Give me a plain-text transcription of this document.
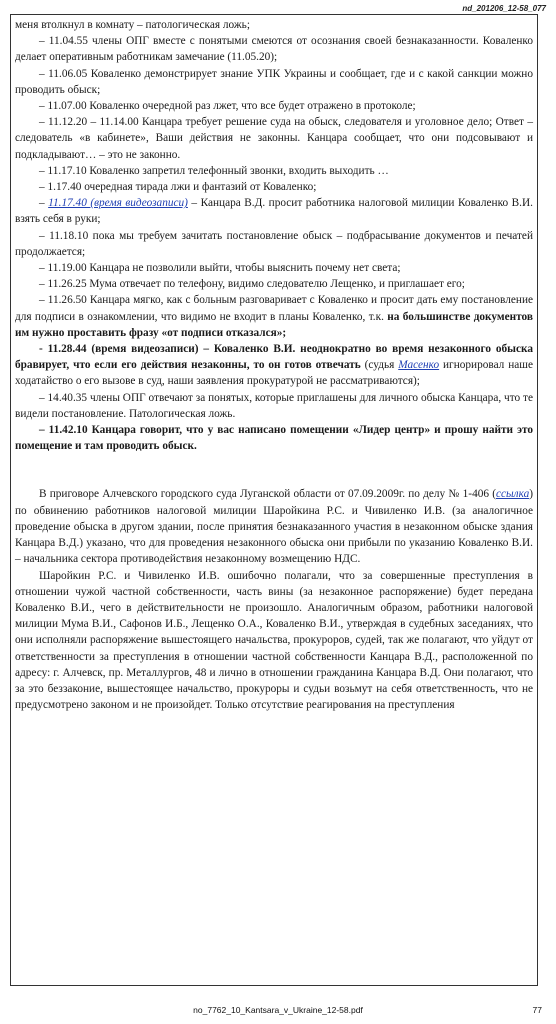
nd_201206_12-58_077

меня втолкнул в комнату – патологическая ложь;

– 11.04.55 члены ОПГ вместе с понятыми смеются от осознания своей безнаказанности. Коваленко делает оперативным работникам замечание (11.05.20);

– 11.06.05 Коваленко демонстрирует знание УПК Украины и сообщает, где и с какой санкции можно проводить обыск;

– 11.07.00 Коваленко очередной раз лжет, что все будет отражено в протоколе;

– 11.12.20 – 11.14.00 Канцара требует решение суда на обыск, следователя и уголовное дело; Ответ – следователь «в кабинете», Ваши действия не законны. Канцара сообщает, что они подсовывают и подкладывают… – это не законно.

– 11.17.10 Коваленко запретил телефонный звонки, входить выходить …

– 1.17.40 очередная тирада лжи и фантазий от Коваленко;

– 11.17.40 (время видеозаписи) – Канцара В.Д. просит работника налоговой милиции Коваленко В.И. взять себя в руки;

– 11.18.10 пока мы требуем зачитать постановление обыск – подбрасывание документов и печатей продолжается;

– 11.19.00 Канцара не позволили выйти, чтобы выяснить почему нет света;

– 11.26.25 Мума отвечает по телефону, видимо следователю Лещенко, и приглашает его;

– 11.26.50 Канцара мягко, как с больным разговаривает с Коваленко и просит дать ему постановление для подписи в ознакомлении, что видимо не входит в планы Коваленко, т.к. на большинстве документов им нужно проставить фразу «от подписи отказался»;

- 11.28.44 (время видеозаписи) – Коваленко В.И. неоднократно во время незаконного обыска бравирует, что если его действия незаконны, то он готов отвечать (судья Масенко игнорировал наше ходатайство о его вызове в суд, наши заявления прокуратурой не рассматриваются);

– 14.40.35 члены ОПГ отвечают за понятых, которые приглашены для личного обыска Канцара, что те видели постановление. Патологическая ложь.

– 11.42.10 Канцара говорит, что у вас написано помещении «Лидер центр» и прошу найти это помещение и там проводить обыск.

В приговоре Алчевского городского суда Луганской области от 07.09.2009г. по делу № 1-406 (ссылка) по обвинению работников налоговой милиции Шаройкина Р.С. и Чивиленко И.В. (за аналогичное проведение обыска в другом здании, после принятия безнаказанного участия в незаконном обыске здания Канцара В.Д.) указано, что для проведения незаконного обыска они прибыли по указанию Коваленко В.И. – начальника сектора противодействия незаконному возмещению НДС.

Шаройкин Р.С. и Чивиленко И.В. ошибочно полагали, что за совершенные преступления в отношении чужой частной собственности, часть вины (за незаконное распоряжение) будет передана Коваленко В.И., чего в действительности не произошло. Аналогичным образом, работники налоговой милиции Мума В.И., Сафонов И.Б., Лещенко О.А., Коваленко В.И., утверждая в судебных заседаниях, что они исполняли распоряжение вышестоящего начальства, прокуроров, судей, так же полагают, что уйдут от ответственности за преступления в отношении частной собственности Канцара В.Д., расположенной по адресу: г. Алчевск, пр. Металлургов, 48 и лично в отношении гражданина Канцара В.Д. Они полагают, что за это беззаконие, вышестоящее начальство, прокуроры и судьи возьмут на себя ответственность, что не предусмотрено законом и не произойдет. Только отсутствие реагирования на преступления

no_7762_10_Kantsara_v_Ukraine_12-58.pdf	77
